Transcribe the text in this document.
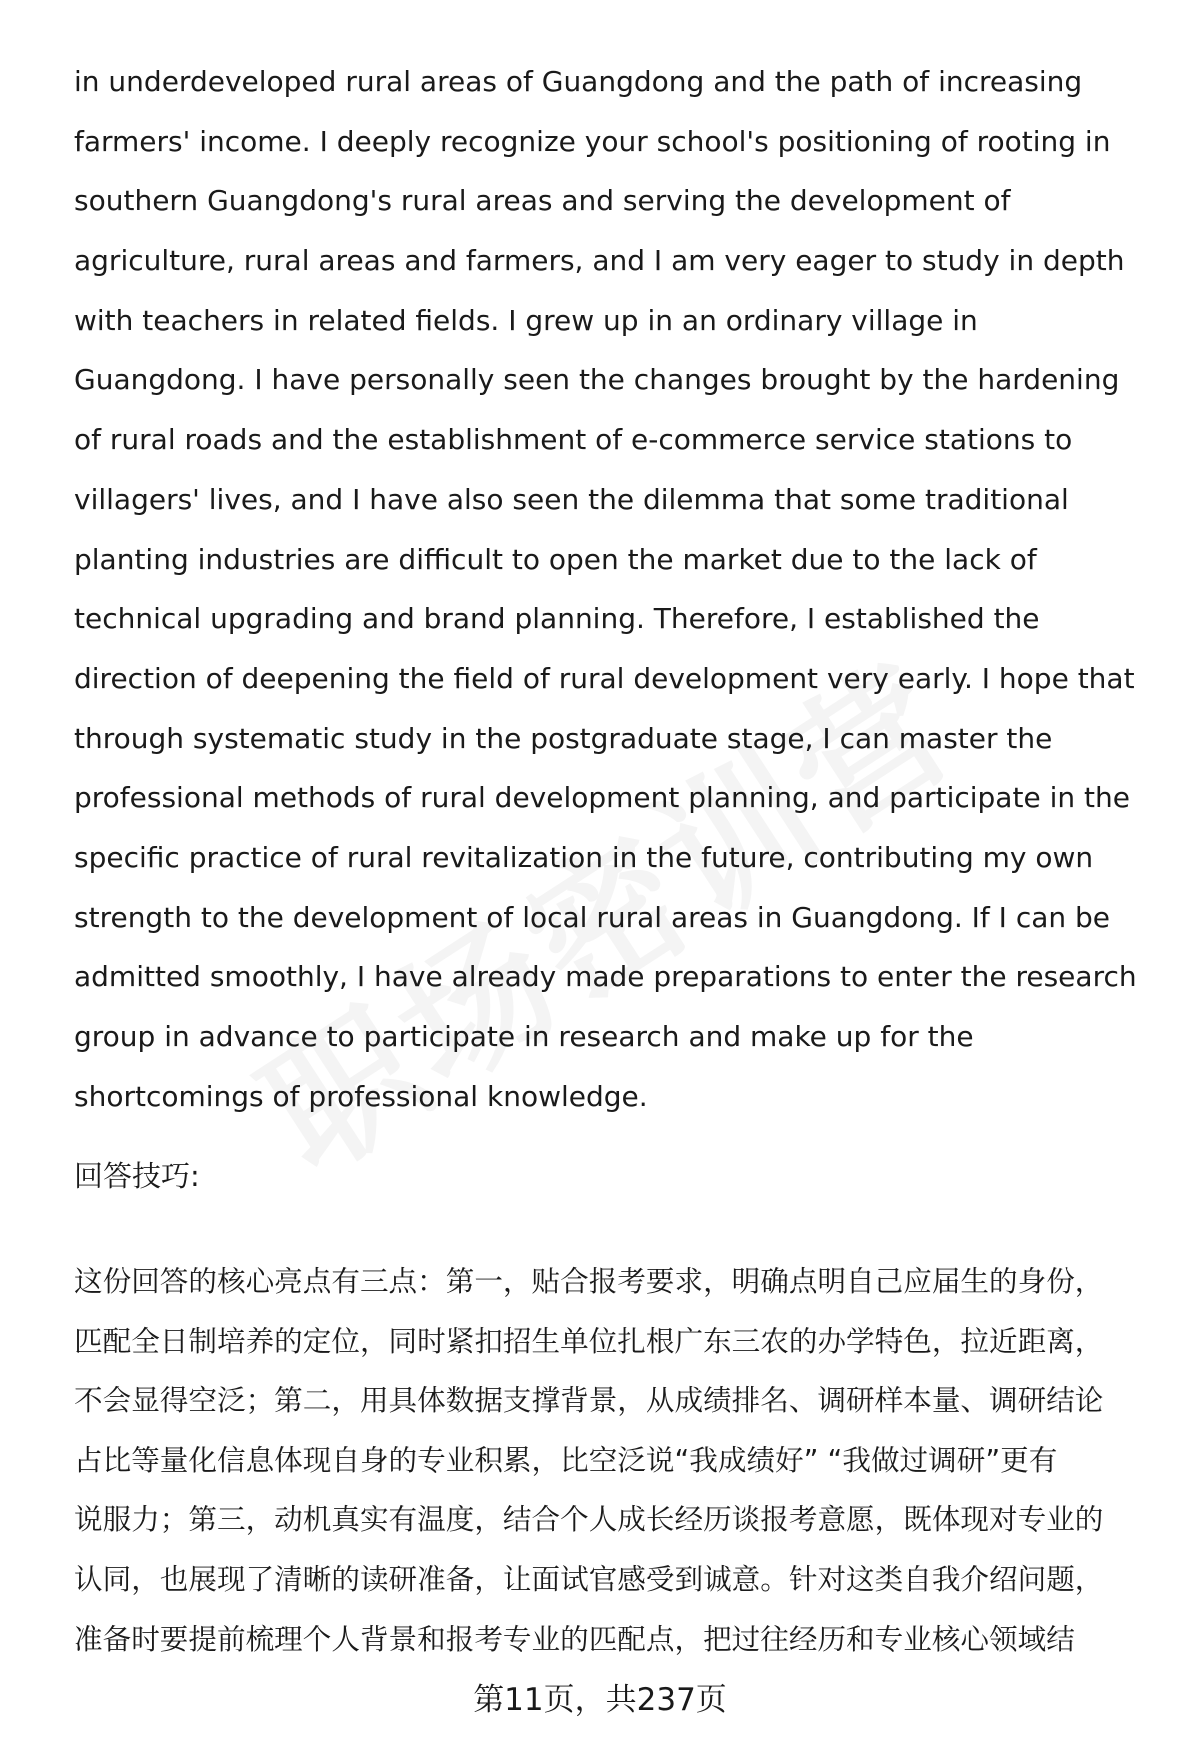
in underdeveloped rural areas of Guangdong and the path of increasing
farmers' income. I deeply recognize your school's positioning of rooting in
southern Guangdong's rural areas and serving the development of
agriculture, rural areas and farmers, and I am very eager to study in depth
with teachers in related fields. I grew up in an ordinary village in
Guangdong. I have personally seen the changes brought by the hardening
of rural roads and the establishment of e-commerce service stations to
villagers' lives, and I have also seen the dilemma that some traditional
planting industries are difficult to open the market due to the lack of
technical upgrading and brand planning. Therefore, I established the
direction of deepening the field of rural development very early. I hope that
through systematic study in the postgraduate stage, I can master the
professional methods of rural development planning, and participate in the
specific practice of rural revitalization in the future, contributing my own
strength to the development of local rural areas in Guangdong. If I can be
admitted smoothly, I have already made preparations to enter the research
group in advance to participate in research and make up for the
shortcomings of professional knowledge.
回答技巧:
这份回答的核心亮点有三点：第一，贴合报考要求，明确点明自己应届生的身份，
匹配全日制培养的定位，同时紧扣招生单位扎根广东三农的办学特色，拉近距离，
不会显得空泛；第二，用具体数据支撑背景，从成绩排名、调研样本量、调研结论
占比等量化信息体现自身的专业积累，比空泛说“我成绩好” “我做过调研”更有
说服力；第三，动机真实有温度，结合个人成长经历谈报考意愿，既体现对专业的
认同，也展现了清晰的读研准备，让面试官感受到诚意。针对这类自我介绍问题，
准备时要提前梳理个人背景和报考专业的匹配点，把过往经历和专业核心领域结
第11页，共237页
